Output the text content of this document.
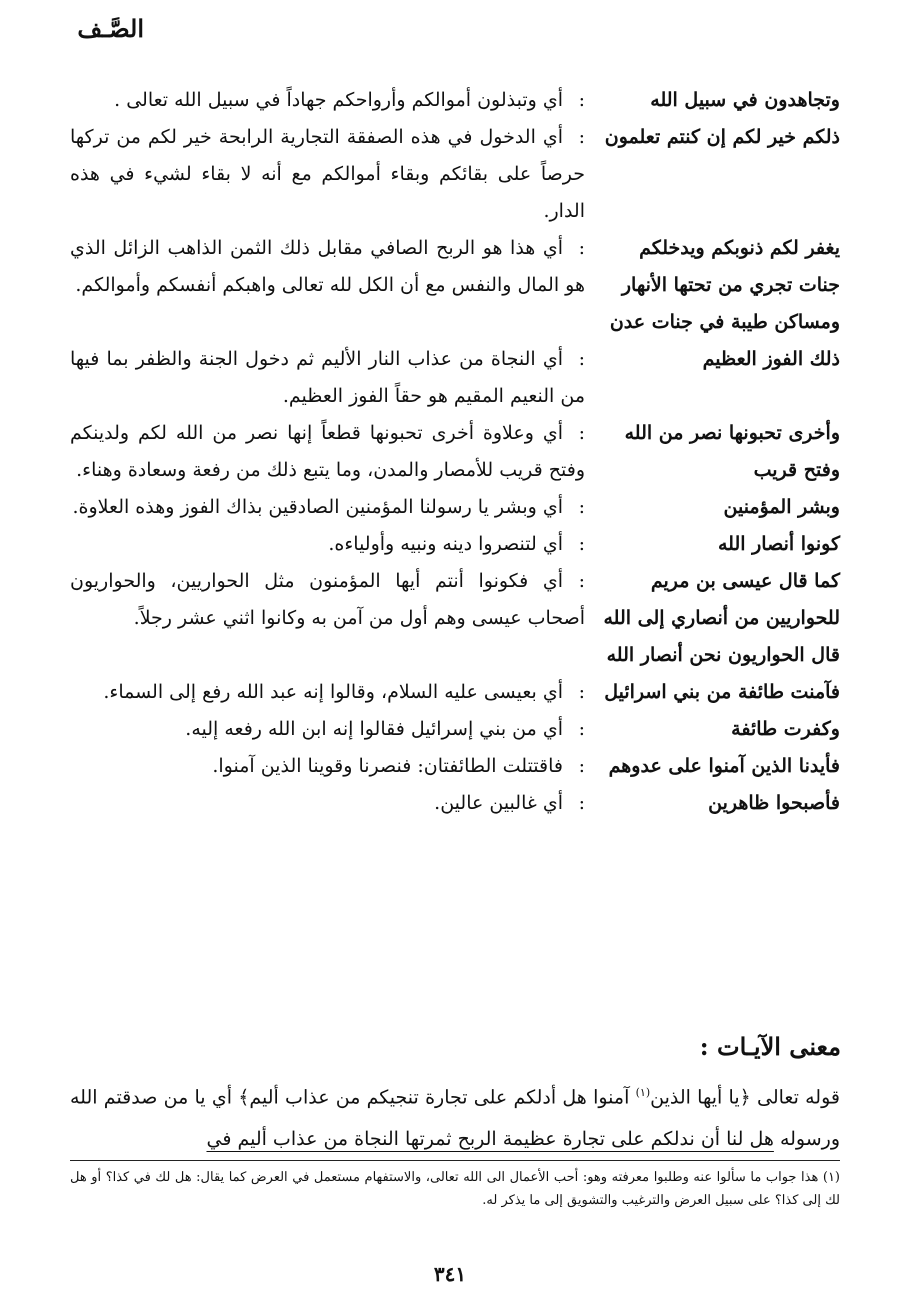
الصَّـف
وتجاهدون في سبيل الله
:أي وتبذلون أموالكم وأرواحكم جهاداً في سبيل الله تعالى .
ذلكم خير لكم إن كنتم تعلمون
:أي الدخول في هذه الصفقة التجارية الرابحة خير لكم من تركها حرصاً على بقائكم وبقاء أموالكم مع أنه لا بقاء لشيء في هذه الدار.
يغفر لكم ذنوبكم ويدخلكم
جنات تجري من تحتها الأنهار
ومساكن طيبة في جنات عدن
:أي هذا هو الربح الصافي مقابل ذلك الثمن الذاهب الزائل الذي هو المال والنفس مع أن الكل لله تعالى واهبكم أنفسكم وأموالكم.
ذلك الفوز العظيم
:أي النجاة من عذاب النار الأليم ثم دخول الجنة والظفر بما فيها من النعيم المقيم هو حقاً الفوز العظيم.
وأخرى تحبونها نصر من الله
وفتح قريب
:أي وعلاوة أخرى تحبونها قطعاً إنها نصر من الله لكم ولدينكم وفتح قريب للأمصار والمدن، وما يتبع ذلك من رفعة وسعادة وهناء.
وبشر المؤمنين
:أي وبشر يا رسولنا المؤمنين الصادقين بذاك الفوز وهذه العلاوة.
كونوا أنصار الله
:أي لتنصروا دينه ونبيه وأولياءه.
كما قال عيسى بن مريم
للحواريين من أنصاري إلى الله
:أي فكونوا أنتم أيها المؤمنون مثل الحواريين، والحواريون أصحاب عيسى وهم أول من آمن به وكانوا اثني عشر رجلاً.
قال الحواريون نحن أنصار الله
فآمنت طائفة من بني اسرائيل
:أي بعيسى عليه السلام، وقالوا إنه عبد الله رفع إلى السماء.
وكفرت طائفة
:أي من بني إسرائيل فقالوا إنه ابن الله رفعه إليه.
فأيدنا الذين آمنوا على عدوهم
:فاقتتلت الطائفتان: فنصرنا وقوينا الذين آمنوا.
فأصبحوا ظاهرين
:أي غالبين عالين.
معنى الآيـات :
قوله تعالى ﴿يا أيها الذين$^{(١)}$ آمنوا هل أدلكم على تجارة تنجيكم من عذاب أليم﴾ أي يا من صدقتم الله ورسوله هل لنا أن ندلكم على تجارة عظيمة الربح ثمرتها النجاة من عذاب أليم في
(١) هذا جواب ما سألوا عنه وطلبوا معرفته وهو: أحب الأعمال الى الله تعالى، والاستفهام مستعمل في العرض كما يقال: هل لك في كذا؟ أو هل لك إلى كذا؟ على سبيل العرض والترغيب والتشويق إلى ما يذكر له.
٣٤١
